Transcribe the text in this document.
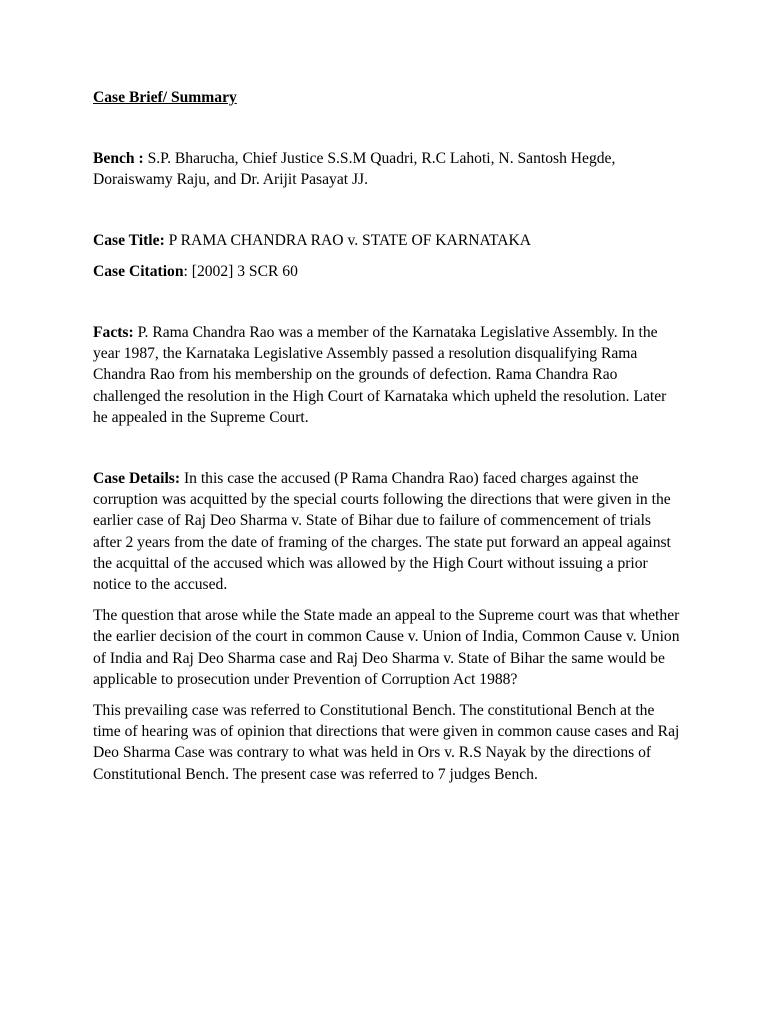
Case Brief/ Summary

Bench : S.P. Bharucha, Chief Justice S.S.M Quadri, R.C Lahoti, N. Santosh Hegde, Doraiswamy Raju, and Dr. Arijit Pasayat JJ.

Case Title: P RAMA CHANDRA RAO v. STATE OF KARNATAKA

Case Citation: [2002] 3 SCR 60

Facts: P. Rama Chandra Rao was a member of the Karnataka Legislative Assembly. In the year 1987, the Karnataka Legislative Assembly passed a resolution disqualifying Rama Chandra Rao from his membership on the grounds of defection. Rama Chandra Rao challenged the resolution in the High Court of Karnataka which upheld the resolution. Later he appealed in the Supreme Court.

Case Details: In this case the accused (P Rama Chandra Rao) faced charges against the corruption was acquitted by the special courts following the directions that were given in the earlier case of Raj Deo Sharma v. State of Bihar due to failure of commencement of trials after 2 years from the date of framing of the charges. The state put forward an appeal against the acquittal of the accused which was allowed by the High Court without issuing a prior notice to the accused.

The question that arose while the State made an appeal to the Supreme court was that whether the earlier decision of the court in common Cause v. Union of India, Common Cause v. Union of India and Raj Deo Sharma case and Raj Deo Sharma v. State of Bihar the same would be applicable to prosecution under Prevention of Corruption Act 1988?

This prevailing case was referred to Constitutional Bench. The constitutional Bench at the time of hearing was of opinion that directions that were given in common cause cases and Raj Deo Sharma Case was contrary to what was held in Ors v. R.S Nayak by the directions of Constitutional Bench. The present case was referred to 7 judges Bench.
